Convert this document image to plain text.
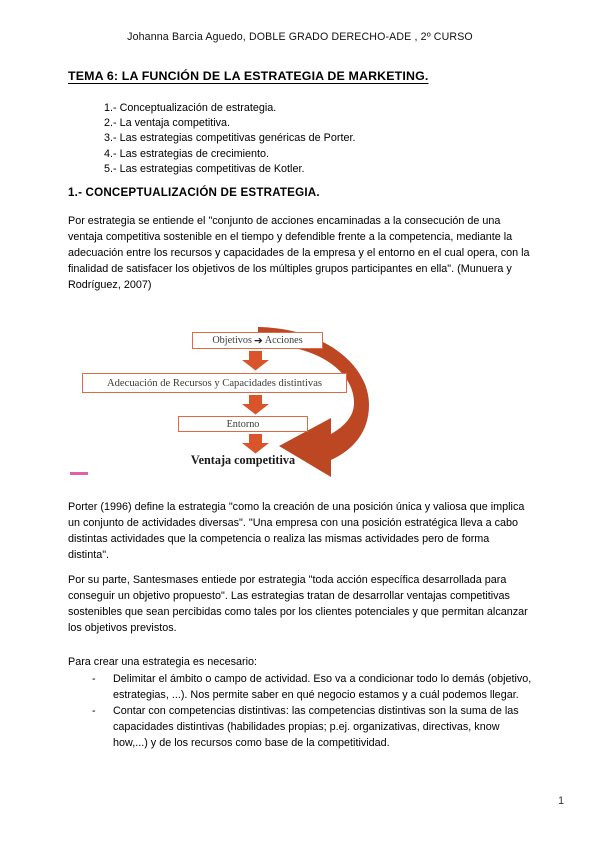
Johanna Barcia Aguedo, DOBLE GRADO DERECHO-ADE , 2º CURSO
TEMA 6: LA FUNCIÓN DE LA ESTRATEGIA DE MARKETING.
1.- Conceptualización de estrategia.
2.- La ventaja competitiva.
3.- Las estrategias competitivas genéricas de Porter.
4.- Las estrategias de crecimiento.
5.- Las estrategias competitivas de Kotler.
1.- CONCEPTUALIZACIÓN DE ESTRATEGIA.
Por estrategia se entiende el "conjunto de acciones encaminadas a la consecución de una ventaja competitiva sostenible en el tiempo y defendible frente a la competencia, mediante la adecuación entre los recursos y capacidades de la empresa y el entorno en el cual opera, con la finalidad de satisfacer los objetivos de los múltiples grupos participantes en ella". (Munuera y Rodríguez, 2007)
Objetivos ➔ Acciones
Adecuación de Recursos y Capacidades distintivas
Entorno
Ventaja competitiva
Porter (1996) define la estrategia "como la creación de una posición única y valiosa que implica un conjunto de actividades diversas". "Una empresa con una posición estratégica lleva a cabo distintas actividades que la competencia o realiza las mismas actividades pero de forma distinta".
Por su parte, Santesmases entiede por estrategia "toda acción específica desarrollada para conseguir un objetivo propuesto". Las estrategias tratan de desarrollar ventajas competitivas sostenibles que sean percibidas como tales por los clientes potenciales y que permitan alcanzar los objetivos previstos.
Para crear una estrategia es necesario:
-	Delimitar el ámbito o campo de actividad. Eso va a condicionar todo lo demás (objetivo, estrategias, ...). Nos permite saber en qué negocio estamos y a cuál podemos llegar.
-	Contar con competencias distintivas: las competencias distintivas son la suma de las capacidades distintivas (habilidades propias; p.ej. organizativas, directivas, know how,...) y de los recursos como base de la competitividad.
1
